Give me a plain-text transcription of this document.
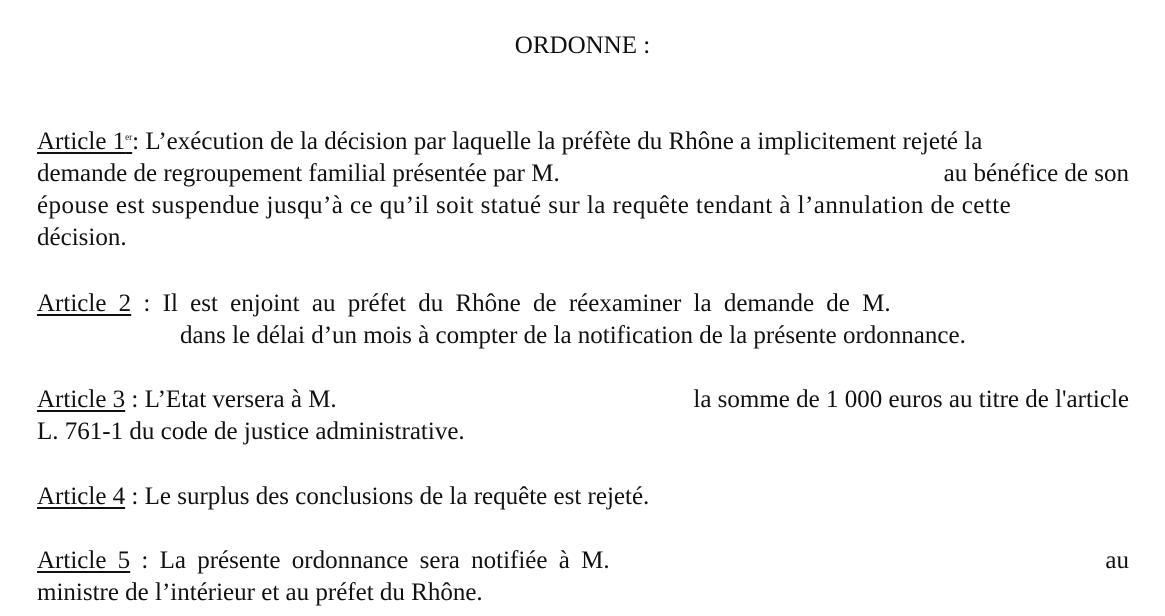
ORDONNE :
Article 1er: L’exécution de la décision par laquelle la préfète du Rhône a implicitement rejeté la
demande de regroupement familial présentée par M.	au bénéfice de son
épouse est suspendue jusqu’à ce qu’il soit statué sur la requête tendant à l’annulation de cette
décision.
Article 2 : Il est enjoint au préfet du Rhône de réexaminer la demande de M.
dans le délai d’un mois à compter de la notification de la présente ordonnance.
Article 3 : L’Etat versera à M.	la somme de 1 000 euros au titre de l'article
L. 761-1 du code de justice administrative.
Article 4 : Le surplus des conclusions de la requête est rejeté.
Article 5 : La présente ordonnance sera notifiée à M.	au
ministre de l’intérieur et au préfet du Rhône.
